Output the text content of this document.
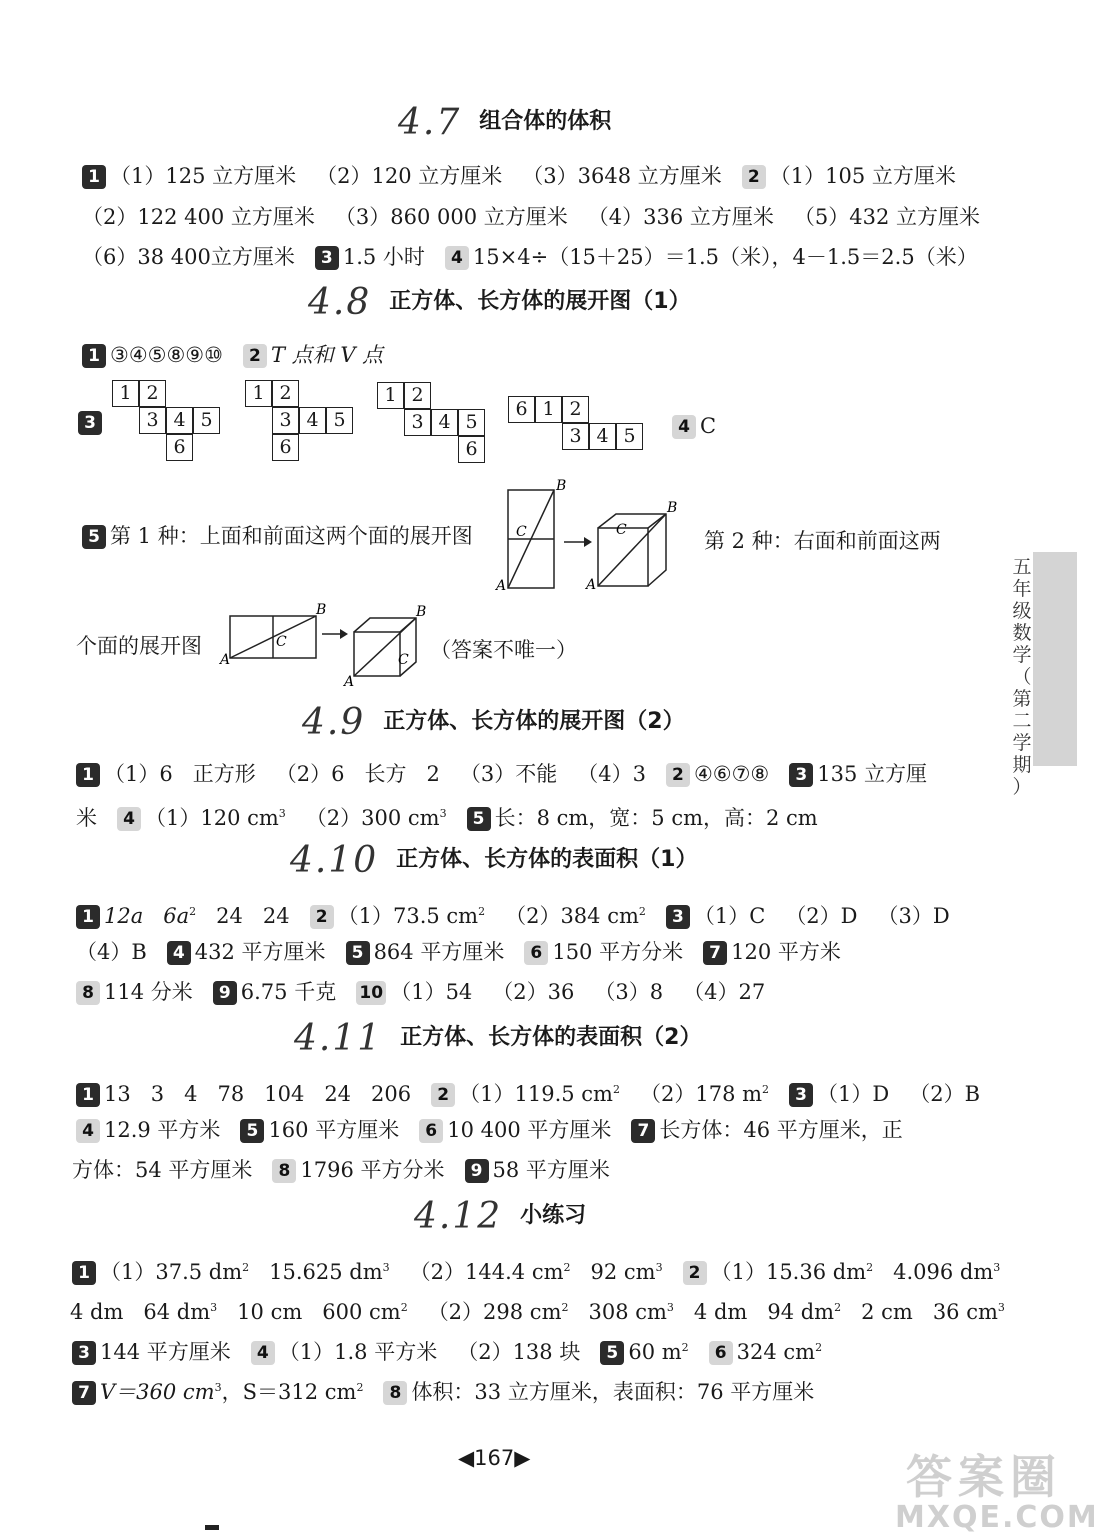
4.7 组合体的体积
1 （1）125 立方厘米 （2）120 立方厘米 （3）3648 立方厘米 2 （1）105 立方厘米
（2）122 400 立方厘米 （3）860 000 立方厘米 （4）336 立方厘米 （5）432 立方厘米
（6）38 400立方厘米 3 1.5 小时 4 15×4÷（15＋25）＝1.5（米），4－1.5＝2.5（米）
4.8 正方体、长方体的展开图（1）
1 ③④⑤⑧⑨⑩ 2 T 点和 V 点
3
1 2
3 4 5
6
1 2
3 4 5
6
1 2
3 4 5
6
6 1 2
3 4 5	4 C
5 第 1 种：上面和前面这两个面的展开图	C
B
A
C
B
A
第 2 种：右面和前面这两
个面的展开图	C
B
A	C
B
A
（答案不唯一）
4.9 正方体、长方体的展开图（2）
1 （1）6 正方形 （2）6 长方 2 （3）不能 （4）3 2 ④⑥⑦⑧ 3 135 立方厘
米 4 （1）120 $cm^3$ （2）300 $cm^3$ 5 长：8 cm，宽：5 cm，高：2 cm
4.10 正方体、长方体的表面积（1）
1 12a $6a^2$ 24 24 2 （1）73.5 $cm^2$ （2）384 $cm^2$ 3 （1）C （2）D （3）D
（4）B 4 432 平方厘米 5 864 平方厘米 6 150 平方分米 7 120 平方米
8 114 分米 9 6.75 千克 10 （1）54 （2）36 （3）8 （4）27
4.11 正方体、长方体的表面积（2）
1 13 3 4 78 104 24 206 2 （1）119.5 $cm^2$ （2）178 $m^2$ 3 （1）D （2）B
4 12.9 平方米 5 160 平方厘米 6 10 400 平方厘米 7 长方体：46 平方厘米，正
方体：54 平方厘米 8 1796 平方分米 9 58 平方厘米
4.12 小练习
1 （1）37.5 $dm^2$ 15.625 $dm^3$ （2）144.4 $cm^2$ 92 $cm^3$ 2 （1）15.36 $dm^2$ 4.096 $dm^3$
4 dm 64 $dm^3$ 10 cm 600 $cm^2$ （2）298 $cm^2$ 308 $cm^3$ 4 dm 94 $dm^2$ 2 cm 36 $cm^3$
3 144 平方厘米 4 （1）1.8 平方米 （2）138 块 5 60 $m^2$ 6 324 $cm^2$
7 V＝360 $cm^3$，S＝312 $cm^2$ 8 体积：33 立方厘米，表面积：76 平方厘米
五
年
级
数
学
（
第
二
学
期
）
◀167▶	答案圈
MXQE.COM
